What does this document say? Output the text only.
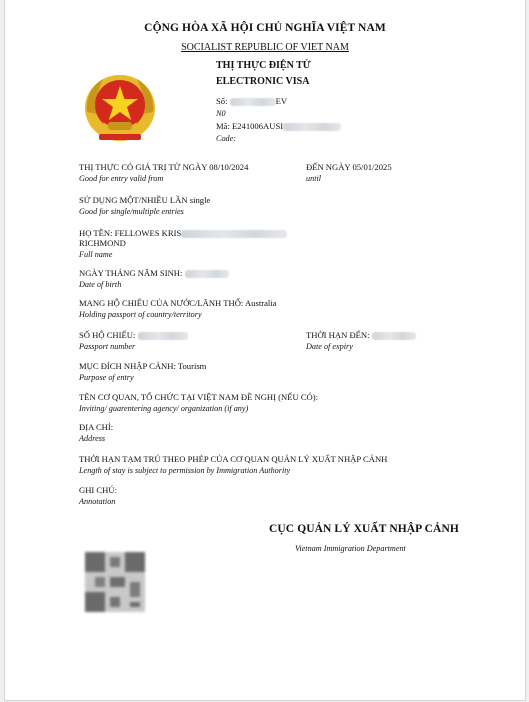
CỘNG HÒA XÃ HỘI CHỦ NGHĨA VIỆT NAM
SOCIALIST REPUBLIC OF VIET NAM
THỊ THỰC ĐIỆN TỬ
ELECTRONIC VISA
Số:	EV
N0
Mã: E241006AUSI
Code:
THỊ THỰC CÓ GIÁ TRỊ TỪ NGÀY 08/10/2024
Good for entry valid from
ĐẾN NGÀY 05/01/2025
until
SỬ DỤNG MỘT/NHIỀU LẦN single
Good for single/multiple entries
HỌ TÊN: FELLOWES KRIS
RICHMOND
Full name
NGÀY THÁNG NĂM SINH:
Date of birth
MANG HỘ CHIẾU CỦA NƯỚC/LÃNH THỔ: Australia
Holding passport of country/territory
SỐ HỘ CHIẾU:
Passport number
THỜI HẠN ĐẾN:
Date of expiry
MỤC ĐÍCH NHẬP CẢNH: Tourism
Purpose of entry
TÊN CƠ QUAN, TỔ CHỨC TẠI VIỆT NAM ĐỀ NGHỊ (NẾU CÓ):
Inviting/ guarentering agency/ organization (if any)
ĐỊA CHỈ:
Address
THỜI HẠN TẠM TRÚ THEO PHÉP CỦA CƠ QUAN QUẢN LÝ XUẤT NHẬP CẢNH
Length of stay is subject to permission by Immigration Authority
GHI CHÚ:
Annotation
CỤC QUẢN LÝ XUẤT NHẬP CẢNH
Vietnam Immigration Department
